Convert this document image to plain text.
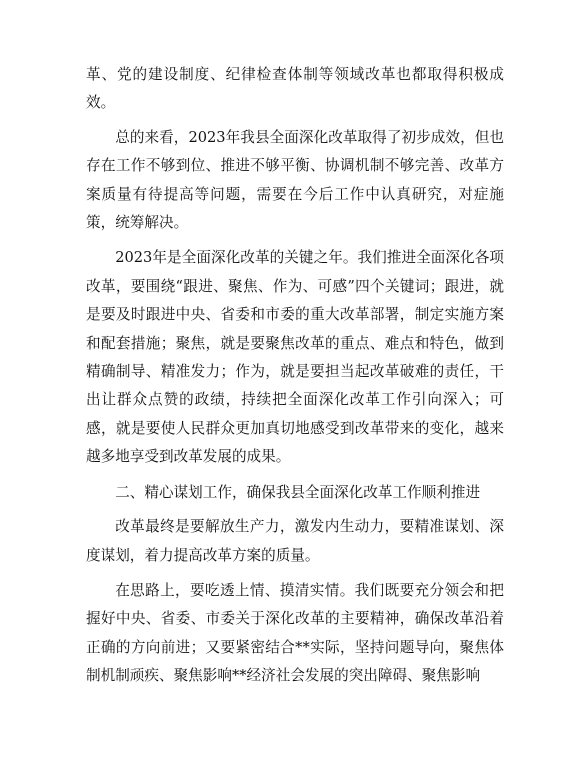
革、党的建设制度、纪律检查体制等领域改革也都取得积极成效。

总的来看，2023年我县全面深化改革取得了初步成效，但也存在工作不够到位、推进不够平衡、协调机制不够完善、改革方案质量有待提高等问题，需要在今后工作中认真研究，对症施策，统筹解决。

2023年是全面深化改革的关键之年。我们推进全面深化各项改革，要围绕“跟进、聚焦、作为、可感”四个关键词；跟进，就是要及时跟进中央、省委和市委的重大改革部署，制定实施方案和配套措施；聚焦，就是要聚焦改革的重点、难点和特色，做到精确制导、精准发力；作为，就是要担当起改革破难的责任，干出让群众点赞的政绩，持续把全面深化改革工作引向深入；可感，就是要使人民群众更加真切地感受到改革带来的变化，越来越多地享受到改革发展的成果。

二、精心谋划工作，确保我县全面深化改革工作顺利推进

改革最终是要解放生产力，激发内生动力，要精准谋划、深度谋划，着力提高改革方案的质量。

在思路上，要吃透上情、摸清实情。我们既要充分领会和把握好中央、省委、市委关于深化改革的主要精神，确保改革沿着正确的方向前进；又要紧密结合**实际，坚持问题导向，聚焦体制机制顽疾、聚焦影响**经济社会发展的突出障碍、聚焦影响
